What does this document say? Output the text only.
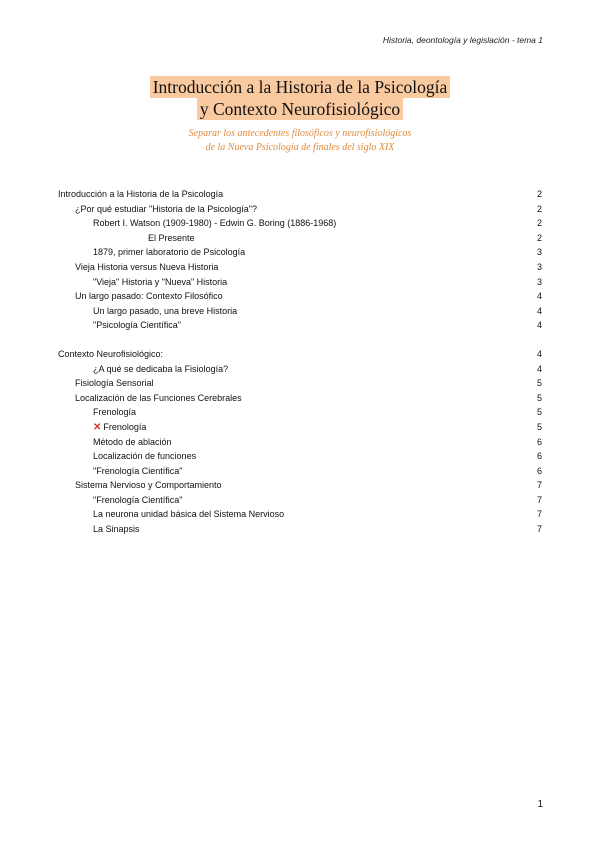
Historia, deontología y legislación - tema 1
Introducción a la Historia de la Psicología
y Contexto Neurofisiológico
Separar los antecedentes filosóficos y neurofisiológicos
de la Nueva Psicología de finales del siglo XIX
Introducción a la Historia de la Psicología	2
¿Por qué estudiar "Historia de la Psicología"?	2
Robert I. Watson (1909-1980) - Edwin G. Boring (1886-1968)	2
El Presente	2
1879, primer laboratorio de Psicología	3
Vieja Historia versus Nueva Historia	3
"Vieja" Historia y "Nueva" Historia	3
Un largo pasado: Contexto Filosófico	4
Un largo pasado, una breve Historia	4
"Psicología Científica"	4
Contexto Neurofisiológico:	4
¿A qué se dedicaba la Fisiología?	4
Fisiología Sensorial	5
Localización de las Funciones Cerebrales	5
Frenología	5
✕ Frenología	5
Método de ablación	6
Localización de funciones	6
"Frenología Científica"	6
Sistema Nervioso y Comportamiento	7
"Frenología Científica"	7
La neurona unidad básica del Sistema Nervioso	7
La Sinapsis	7
1
